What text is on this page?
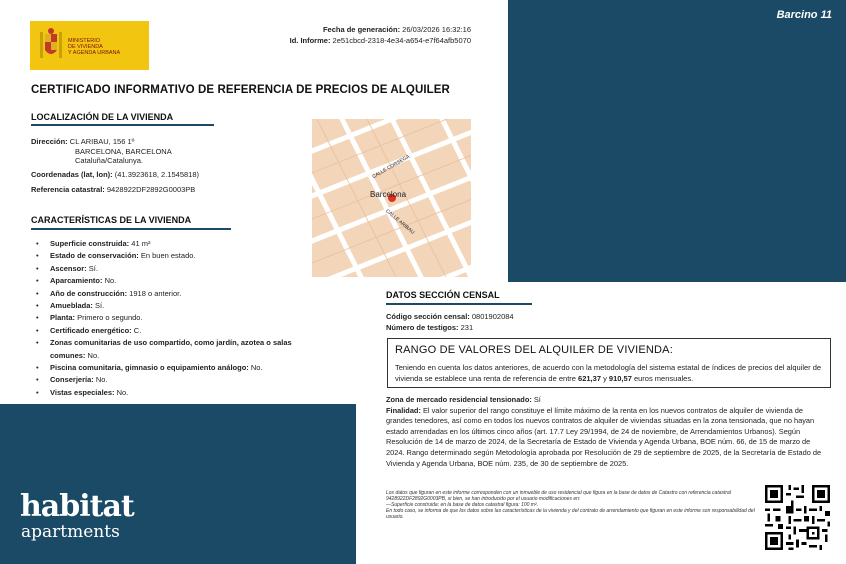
Barcino 11
MINISTERIO
DE VIVIENDA
Y AGENDA URBANA
Fecha de generación: 26/03/2026 16:32:16
Id. Informe: 2e51cbcd-2318-4e34-a654-e7f64afb5070
CERTIFICADO INFORMATIVO DE REFERENCIA DE PRECIOS DE ALQUILER
LOCALIZACIÓN DE LA VIVIENDA
Dirección: CL ARIBAU, 156 1º
BARCELONA, BARCELONA
Cataluña/Catalunya.
Coordenadas (lat, lon): (41.3923618, 2.1545818)
Referencia catastral: 9428922DF2892G0003PB
Barcelona
CALLE CORSEGA
CALLE ARIBAU
CARACTERÍSTICAS DE LA VIVIENDA
• Superficie construida: 41 m²
• Estado de conservación: En buen estado.
• Ascensor: Sí.
• Aparcamiento: No.
• Año de construcción: 1918 o anterior.
• Amueblada: Sí.
• Planta: Primero o segundo.
• Certificado energético: C.
• Zonas comunitarias de uso compartido, como jardín, azotea o salas comunes: No.
• Piscina comunitaria, gimnasio o equipamiento análogo: No.
• Conserjería: No.
• Vistas especiales: No.
DATOS SECCIÓN CENSAL
Código sección censal: 0801902084
Número de testigos: 231
RANGO DE VALORES DEL ALQUILER DE VIVIENDA:
Teniendo en cuenta los datos anteriores, de acuerdo con la metodología del sistema estatal de índices de precios del alquiler de vivienda se establece una renta de referencia de entre 621,37 y 910,57 euros mensuales.
Zona de mercado residencial tensionado: Sí
Finalidad: El valor superior del rango constituye el límite máximo de la renta en los nuevos contratos de alquiler de vivienda de grandes tenedores, así como en todos los nuevos contratos de alquiler de viviendas situadas en la zona tensionada, que no hayan estado arrendadas en los últimos cinco años (art. 17.7 Ley 29/1994, de 24 de noviembre, de Arrendamientos Urbanos). Según Resolución de 14 de marzo de 2024, de la Secretaría de Estado de Vivienda y Agenda Urbana, BOE núm. 66, de 15 de marzo de 2024. Rango determinado según Metodología aprobada por Resolución de 29 de septiembre de 2025, de la Secretaría de Estado de Vivienda y Agenda Urbana, BOE núm. 235, de 30 de septiembre de 2025.
Los datos que figuran en este informe corresponden con un inmueble de uso residencial que figura en la base de datos de Catastro con referencia catastral 9428922DF2892G0003PB, si bien, se han introducido por el usuario modificaciones en:
—Superficie construida: en la base de datos catastral figura: 100 m².
En todo caso, se informa de que los datos sobre las características de la vivienda y del contrato de arrendamiento que figuran en este informe son responsabilidad del usuario.
habitat
apartments
